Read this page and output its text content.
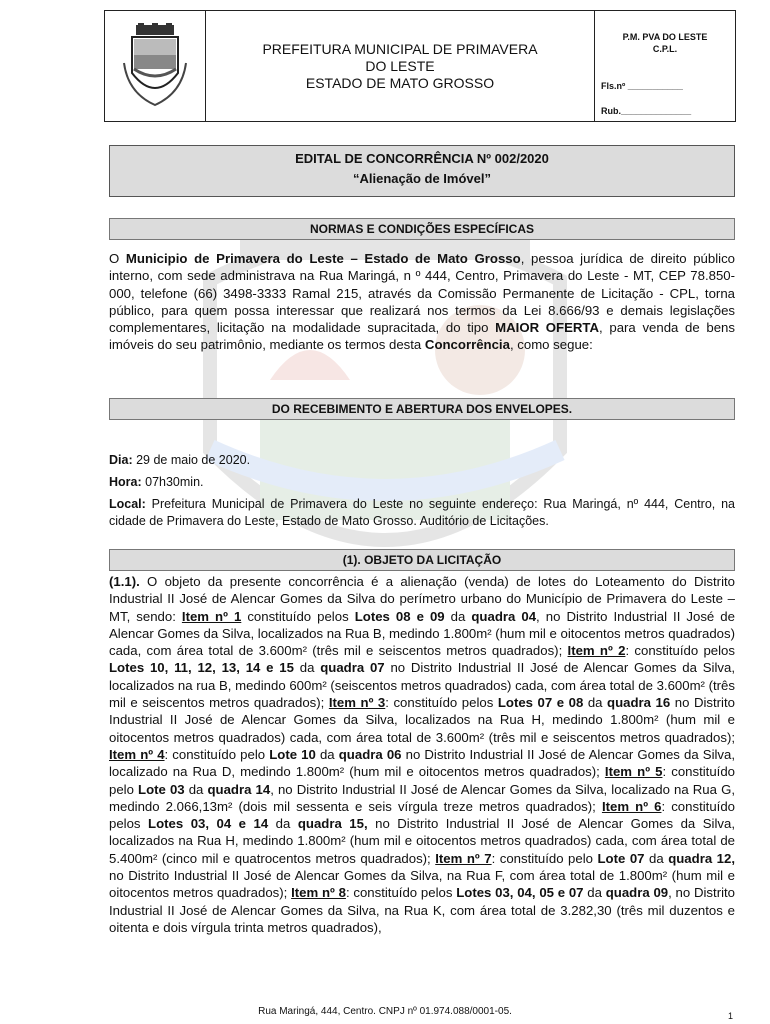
PREFEITURA MUNICIPAL DE PRIMAVERA
DO LESTE
ESTADO DE MATO GROSSO
P.M. PVA DO LESTE
C.P.L.
Fls.nº ___________
Rub.______________
EDITAL DE CONCORRÊNCIA Nº 002/2020
“Alienação de Imóvel”
NORMAS E CONDIÇÕES ESPECÍFICAS
O Municipio de Primavera do Leste – Estado de Mato Grosso, pessoa jurídica de direito público interno, com sede administrava na Rua Maringá, n º 444, Centro, Primavera do Leste - MT, CEP 78.850-000, telefone (66) 3498-3333 Ramal 215, através da Comissão Permanente de Licitação - CPL, torna público, para quem possa interessar que realizará nos termos da Lei 8.666/93 e demais legislações complementares, licitação na modalidade supracitada, do tipo MAIOR OFERTA, para venda de bens imóveis do seu patrimônio, mediante os termos desta Concorrência, como segue:
DO RECEBIMENTO E ABERTURA DOS ENVELOPES.
Dia: 29 de maio de 2020.
Hora: 07h30min.
Local: Prefeitura Municipal de Primavera do Leste no seguinte endereço: Rua Maringá, nº 444, Centro, na cidade de Primavera do Leste, Estado de Mato Grosso. Auditório de Licitações.
(1). OBJETO DA LICITAÇÃO
(1.1). O objeto da presente concorrência é a alienação (venda) de lotes do Loteamento do Distrito Industrial II José de Alencar Gomes da Silva do perímetro urbano do Município de Primavera do Leste – MT, sendo: Item nº 1 constituído pelos Lotes 08 e 09 da quadra 04, no Distrito Industrial II José de Alencar Gomes da Silva, localizados na Rua B, medindo 1.800m² (hum mil e oitocentos metros quadrados) cada, com área total de 3.600m² (três mil e seiscentos metros quadrados); Item nº 2: constituído pelos Lotes 10, 11, 12, 13, 14 e 15 da quadra 07 no Distrito Industrial II José de Alencar Gomes da Silva, localizados na rua B, medindo 600m² (seiscentos metros quadrados) cada, com área total de 3.600m² (três mil e seiscentos metros quadrados); Item nº 3: constituído pelos Lotes 07 e 08 da quadra 16 no Distrito Industrial II José de Alencar Gomes da Silva, localizados na Rua H, medindo 1.800m² (hum mil e oitocentos metros quadrados) cada, com área total de 3.600m² (três mil e seiscentos metros quadrados); Item nº 4: constituído pelo Lote 10 da quadra 06 no Distrito Industrial II José de Alencar Gomes da Silva, localizado na Rua D, medindo 1.800m² (hum mil e oitocentos metros quadrados); Item nº 5: constituído pelo Lote 03 da quadra 14, no Distrito Industrial II José de Alencar Gomes da Silva, localizado na Rua G, medindo 2.066,13m² (dois mil sessenta e seis vírgula treze metros quadrados); Item nº 6: constituído pelos Lotes 03, 04 e 14 da quadra 15, no Distrito Industrial II José de Alencar Gomes da Silva, localizados na Rua H, medindo 1.800m² (hum mil e oitocentos metros quadrados) cada, com área total de 5.400m² (cinco mil e quatrocentos metros quadrados); Item nº 7: constituído pelo Lote 07 da quadra 12, no Distrito Industrial II José de Alencar Gomes da Silva, na Rua F, com área total de 1.800m² (hum mil e oitocentos metros quadrados); Item nº 8: constituído pelos Lotes 03, 04, 05 e 07 da quadra 09, no Distrito Industrial II José de Alencar Gomes da Silva, na Rua K, com área total de 3.282,30 (três mil duzentos e oitenta e dois vírgula trinta metros quadrados),
1
Rua Maringá, 444, Centro. CNPJ nº 01.974.088/0001-05.
